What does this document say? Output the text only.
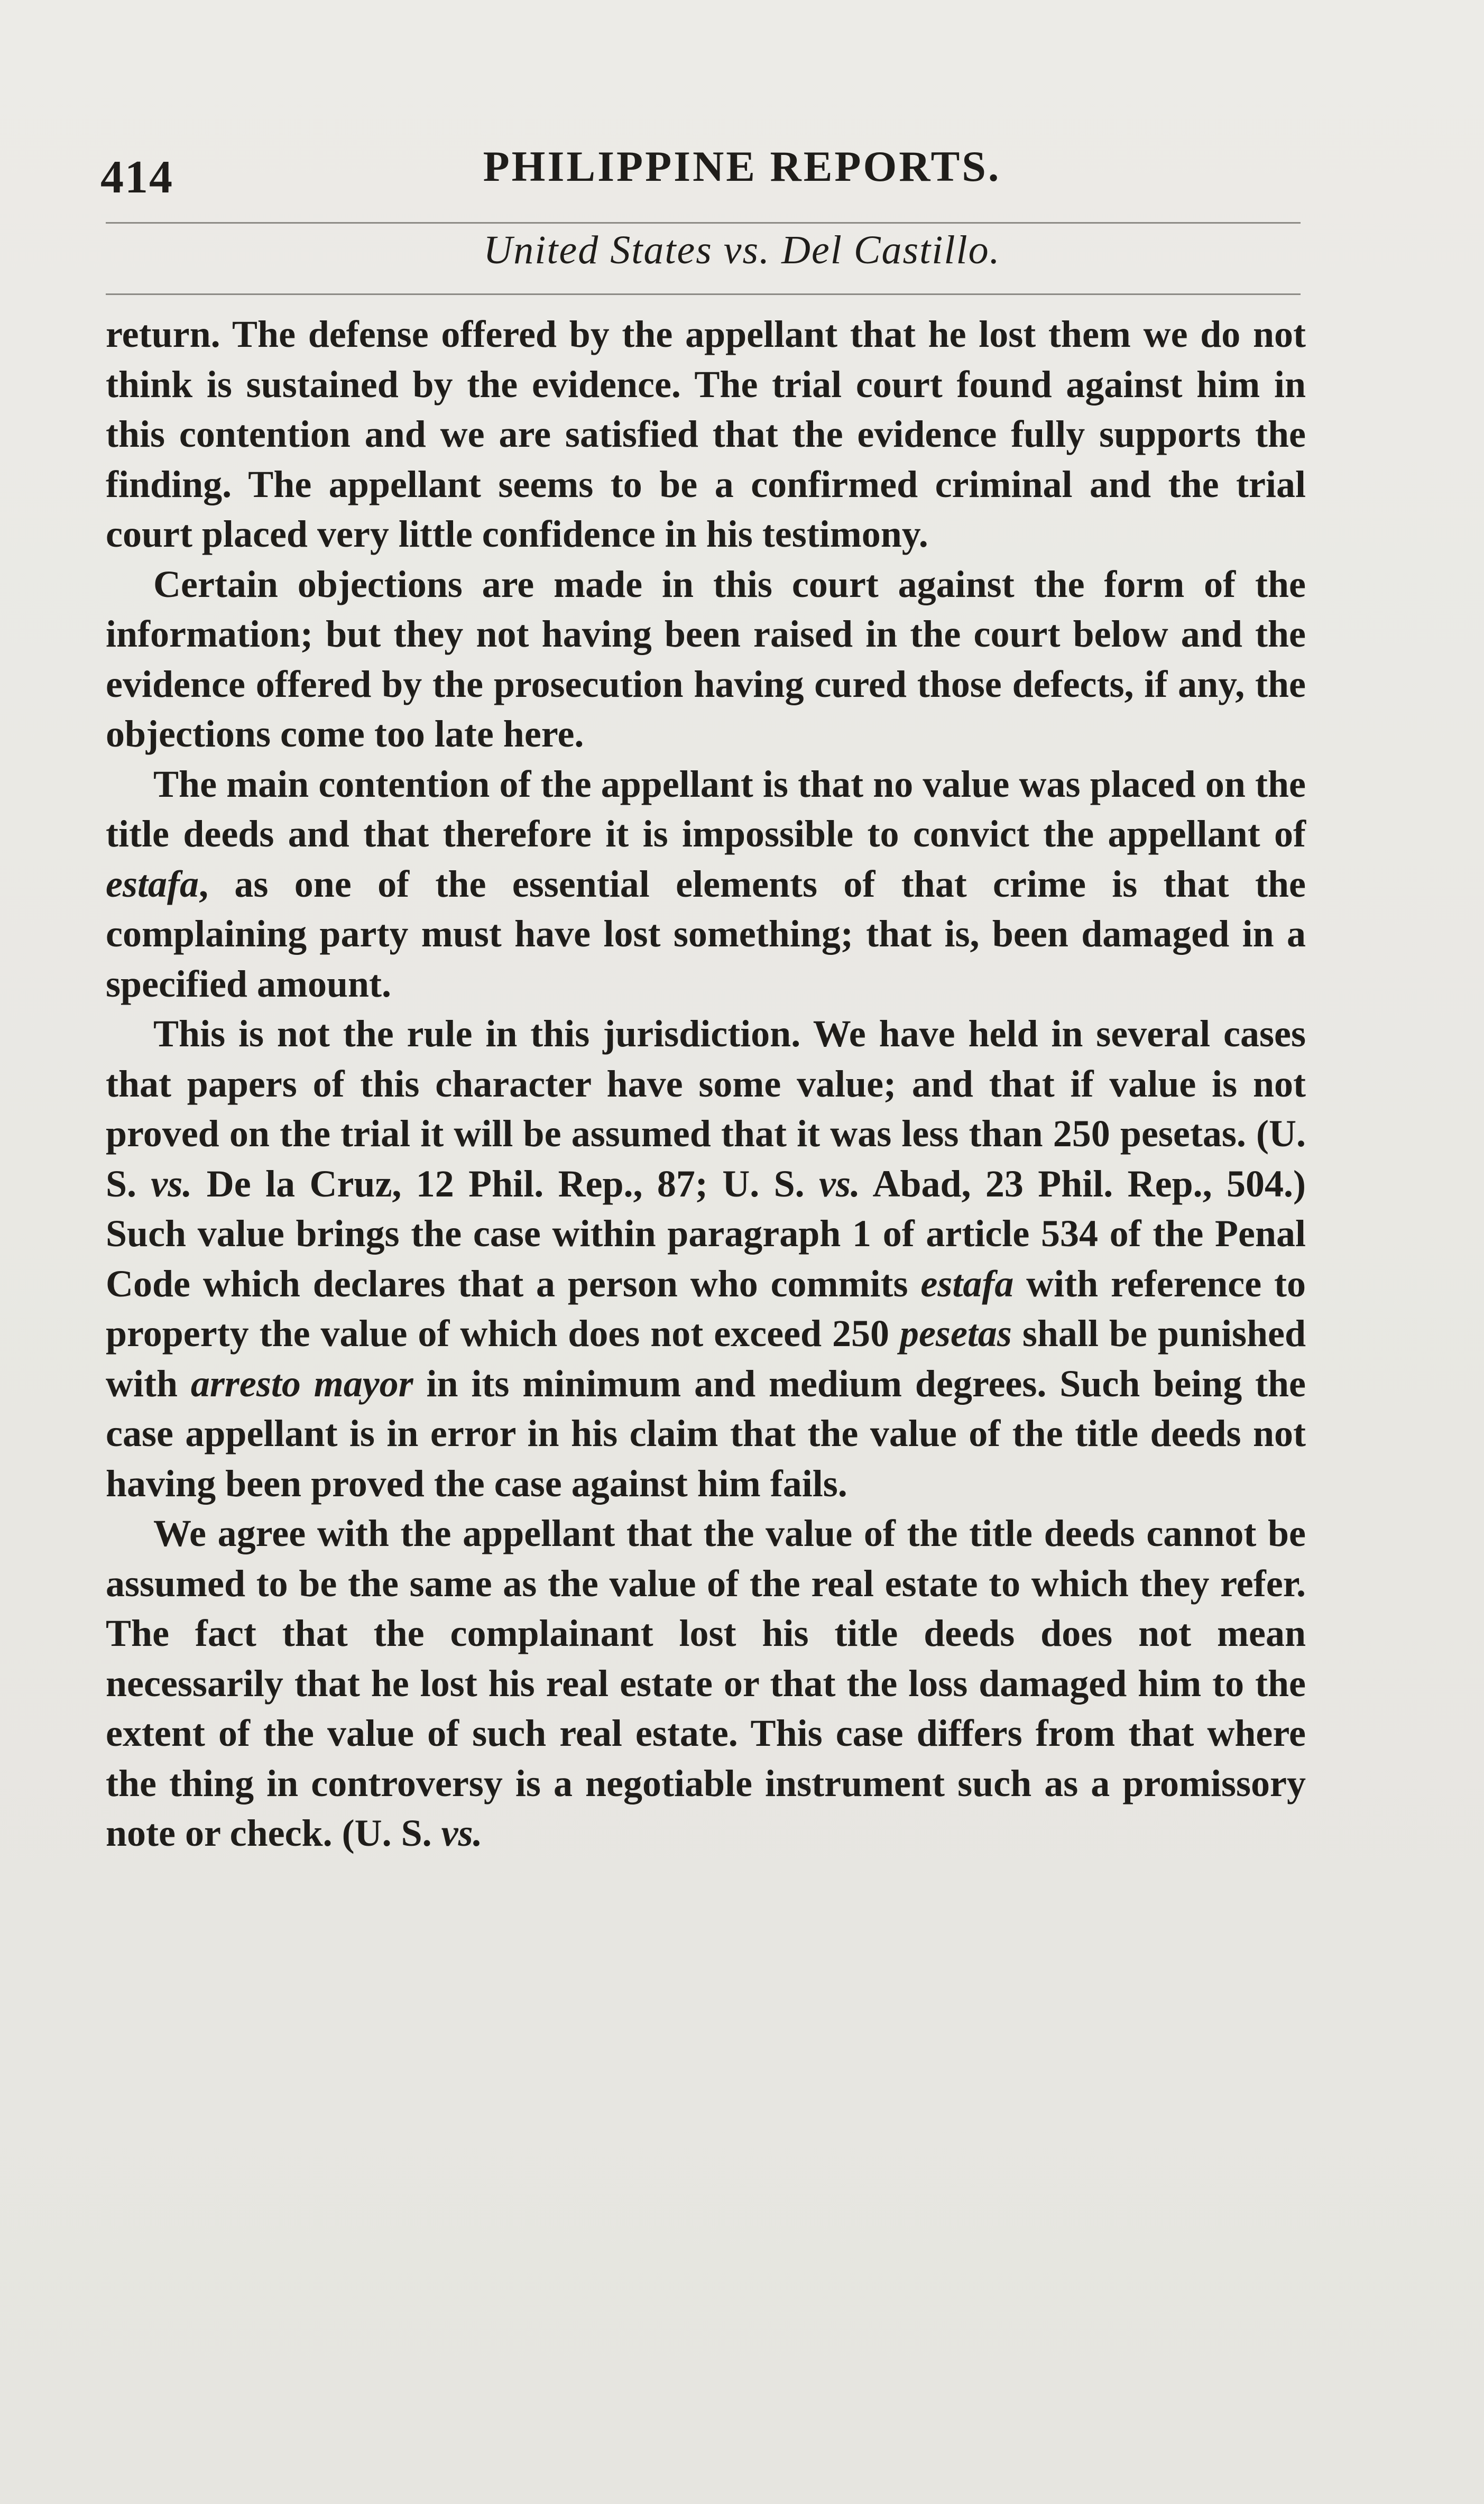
414	PHILIPPINE REPORTS.
United States vs. Del Castillo.

return. The defense offered by the appellant that he lost them we do not think is sustained by the evidence. The trial court found against him in this contention and we are satisfied that the evidence fully supports the finding. The appellant seems to be a confirmed criminal and the trial court placed very little confidence in his testimony.

Certain objections are made in this court against the form of the information; but they not having been raised in the court below and the evidence offered by the prosecution having cured those defects, if any, the objections come too late here.

The main contention of the appellant is that no value was placed on the title deeds and that therefore it is impossible to convict the appellant of estafa, as one of the essential elements of that crime is that the complaining party must have lost something; that is, been damaged in a specified amount.

This is not the rule in this jurisdiction. We have held in several cases that papers of this character have some value; and that if value is not proved on the trial it will be assumed that it was less than 250 pesetas. (U. S. vs. De la Cruz, 12 Phil. Rep., 87; U. S. vs. Abad, 23 Phil. Rep., 504.) Such value brings the case within paragraph 1 of article 534 of the Penal Code which declares that a person who commits estafa with reference to property the value of which does not exceed 250 pesetas shall be punished with arresto mayor in its minimum and medium degrees. Such being the case appellant is in error in his claim that the value of the title deeds not having been proved the case against him fails.

We agree with the appellant that the value of the title deeds cannot be assumed to be the same as the value of the real estate to which they refer. The fact that the complainant lost his title deeds does not mean necessarily that he lost his real estate or that the loss damaged him to the extent of the value of such real estate. This case differs from that where the thing in controversy is a negotiable instrument such as a promissory note or check. (U. S. vs.
